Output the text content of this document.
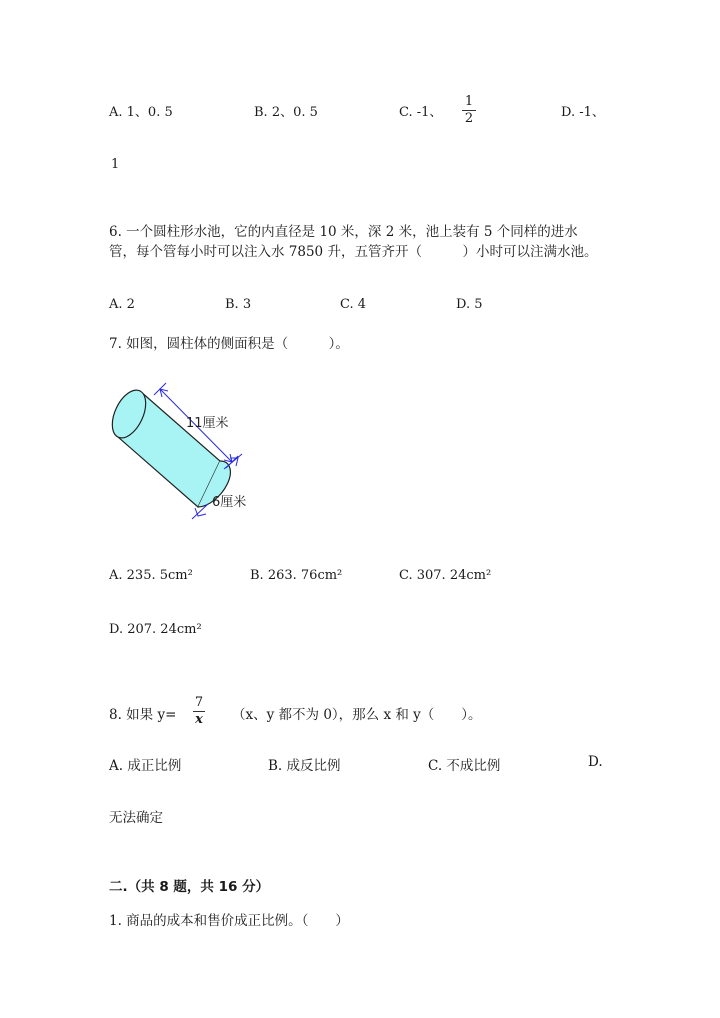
A. 1、0. 5	B. 2、0. 5	C. -1、
1
2	D. -1、
1
6. 一个圆柱形水池，它的内直径是 10 米，深 2 米，池上装有 5 个同样的进水管，每个管每小时可以注入水 7850 升，五管齐开（　　　）小时可以注满水池。
A. 2	B. 3	C. 4	D. 5
7. 如图，圆柱体的侧面积是（　　　）。
11厘米
6厘米
A. 235. 5cm²	B. 263. 76cm²	C. 307. 24cm²
D. 207. 24cm²
8. 如果 y=
7
x （x、y 都不为 0），那么 x 和 y（　　）。
A. 成正比例	B. 成反比例	C. 不成比例	D.
无法确定
二.（共 8 题，共 16 分）
1. 商品的成本和售价成正比例。（　　）
